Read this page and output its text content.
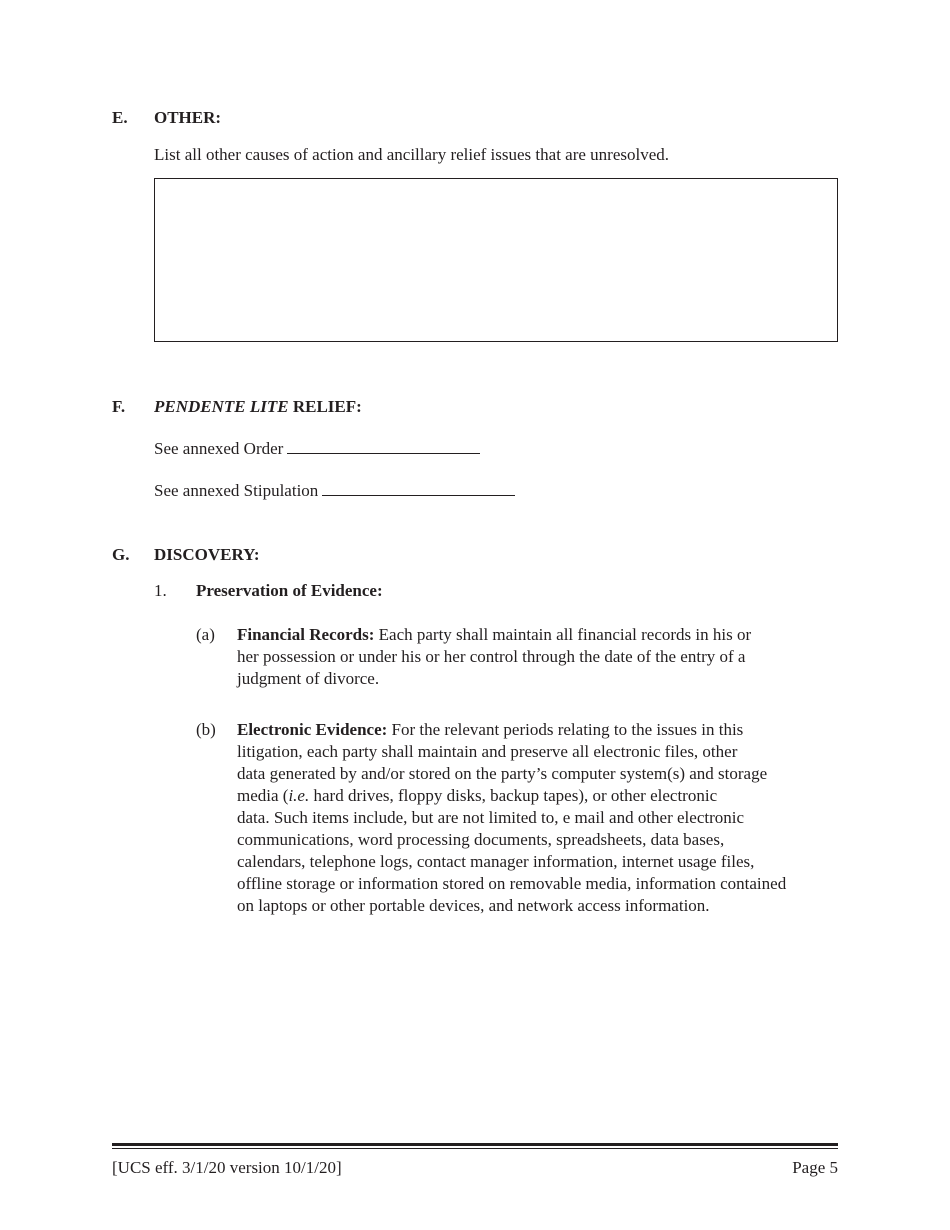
E. OTHER:
List all other causes of action and ancillary relief issues that are unresolved.
F. PENDENTE LITE RELIEF:
See annexed Order
See annexed Stipulation
G. DISCOVERY:
1. Preservation of Evidence:
(a) Financial Records: Each party shall maintain all financial records in his or
her possession or under his or her control through the date of the entry of a
judgment of divorce.
(b) Electronic Evidence: For the relevant periods relating to the issues in this
litigation, each party shall maintain and preserve all electronic files, other
data generated by and/or stored on the party’s computer system(s) and storage
media (i.e. hard drives, floppy disks, backup tapes), or other electronic
data. Such items include, but are not limited to, e mail and other electronic
communications, word processing documents, spreadsheets, data bases,
calendars, telephone logs, contact manager information, internet usage files,
offline storage or information stored on removable media, information contained
on laptops or other portable devices, and network access information.
[UCS eff. 3/1/20 version 10/1/20]	Page 5
